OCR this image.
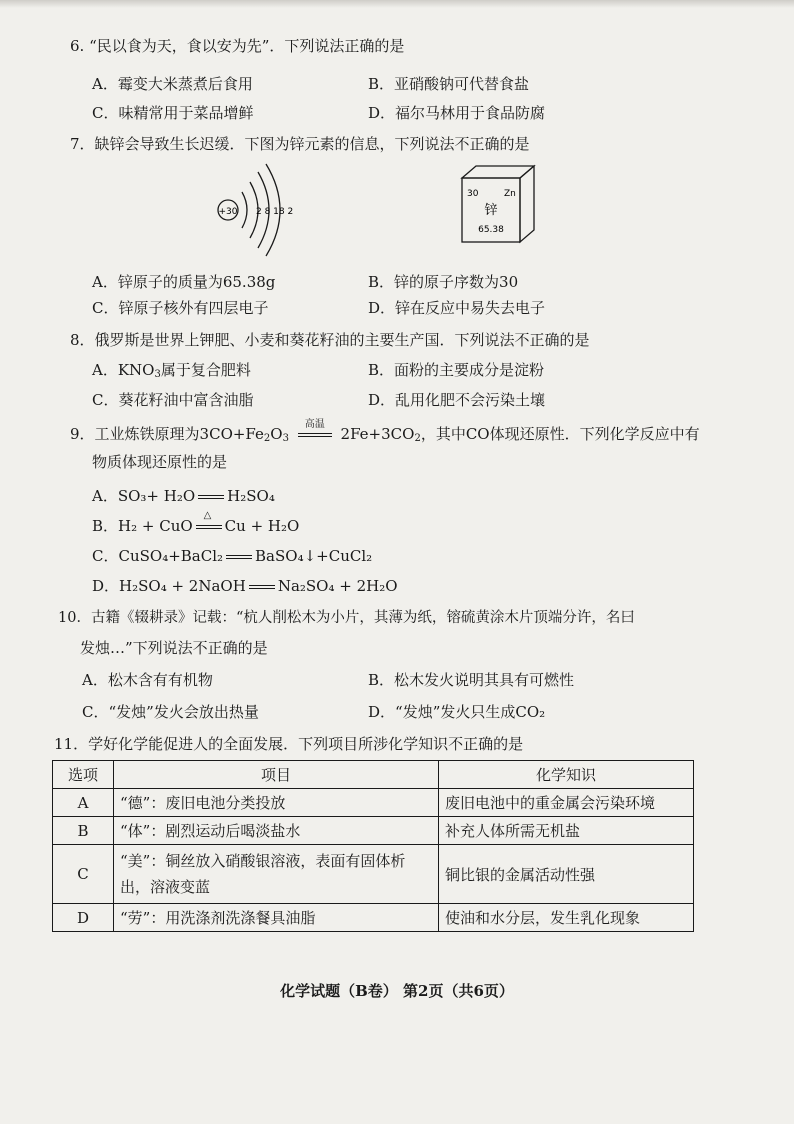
6. “民以食为天，食以安为先”．下列说法正确的是
A．霉变大米蒸煮后食用	B．亚硝酸钠可代替食盐
C．味精常用于菜品增鲜	D．福尔马林用于食品防腐
7．缺锌会导致生长迟缓．下图为锌元素的信息，下列说法不正确的是
+30 2 8 18 2
30	Zn
锌
65.38
A．锌原子的质量为65.38g	B．锌的原子序数为30
C．锌原子核外有四层电子	D．锌在反应中易失去电子
8．俄罗斯是世界上钾肥、小麦和葵花籽油的主要生产国．下列说法不正确的是
A．$KNO_3$属于复合肥料	B．面粉的主要成分是淀粉
C．葵花籽油中富含油脂	D．乱用化肥不会污染土壤
9．工业炼铁原理为$3CO+Fe_2O_3$
高温
$2Fe+3CO_2$，其中CO体现还原性．下列化学反应中有
物质体现还原性的是
A．SO₃+ H₂O H₂SO₄
B．H₂ + CuO
△
Cu + H₂O
C．CuSO₄+BaCl₂ BaSO₄↓+CuCl₂
D．H₂SO₄ + 2NaOH Na₂SO₄ + 2H₂O
10．古籍《辍耕录》记载：“杭人削松木为小片，其薄为纸，镕硫黄涂木片顶端分许，名曰
发烛…”下列说法不正确的是
A．松木含有有机物	B．松木发火说明其具有可燃性
C．“发烛”发火会放出热量	D．“发烛”发火只生成CO₂
11．学好化学能促进人的全面发展．下列项目所涉化学知识不正确的是
选项	项目	化学知识
A	“德”：废旧电池分类投放	废旧电池中的重金属会污染环境
B	“体”：剧烈运动后喝淡盐水	补充人体所需无机盐
C	“美”：铜丝放入硝酸银溶液，表面有固体析出，溶液变蓝	铜比银的金属活动性强
D	“劳”：用洗涤剂洗涤餐具油脂	使油和水分层，发生乳化现象
化学试题（B卷） 第2页（共6页）
